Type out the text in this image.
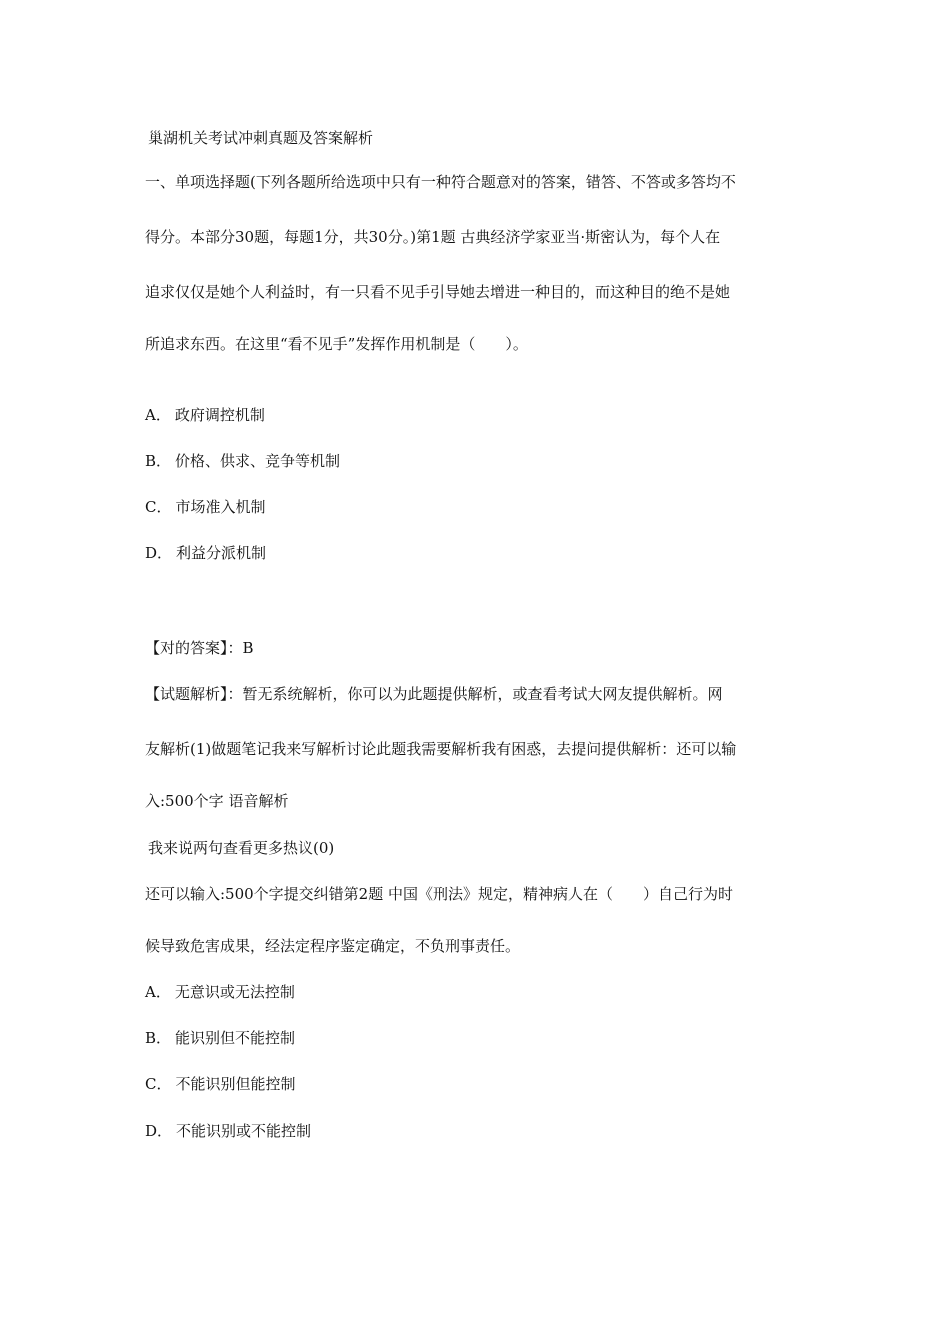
巢湖机关考试冲刺真题及答案解析
一、单项选择题(下列各题所给选项中只有一种符合题意对的答案，错答、不答或多答均不
得分。本部分30题，每题1分，共30分。)第1题 古典经济学家亚当·斯密认为，每个人在
追求仅仅是她个人利益时，有一只看不见手引导她去增进一种目的，而这种目的绝不是她
所追求东西。在这里“看不见手”发挥作用机制是（　　）。
A． 政府调控机制
B． 价格、供求、竞争等机制
C． 市场准入机制
D． 利益分派机制
【对的答案】：B
【试题解析】：暂无系统解析，你可以为此题提供解析，或查看考试大网友提供解析。网
友解析(1)做题笔记我来写解析讨论此题我需要解析我有困惑，去提问提供解析：还可以输
入:500个字 语音解析
我来说两句查看更多热议(0)
还可以输入:500个字提交纠错第2题 中国《刑法》规定，精神病人在（　　）自己行为时
候导致危害成果，经法定程序鉴定确定，不负刑事责任。
A． 无意识或无法控制
B． 能识别但不能控制
C． 不能识别但能控制
D． 不能识别或不能控制
